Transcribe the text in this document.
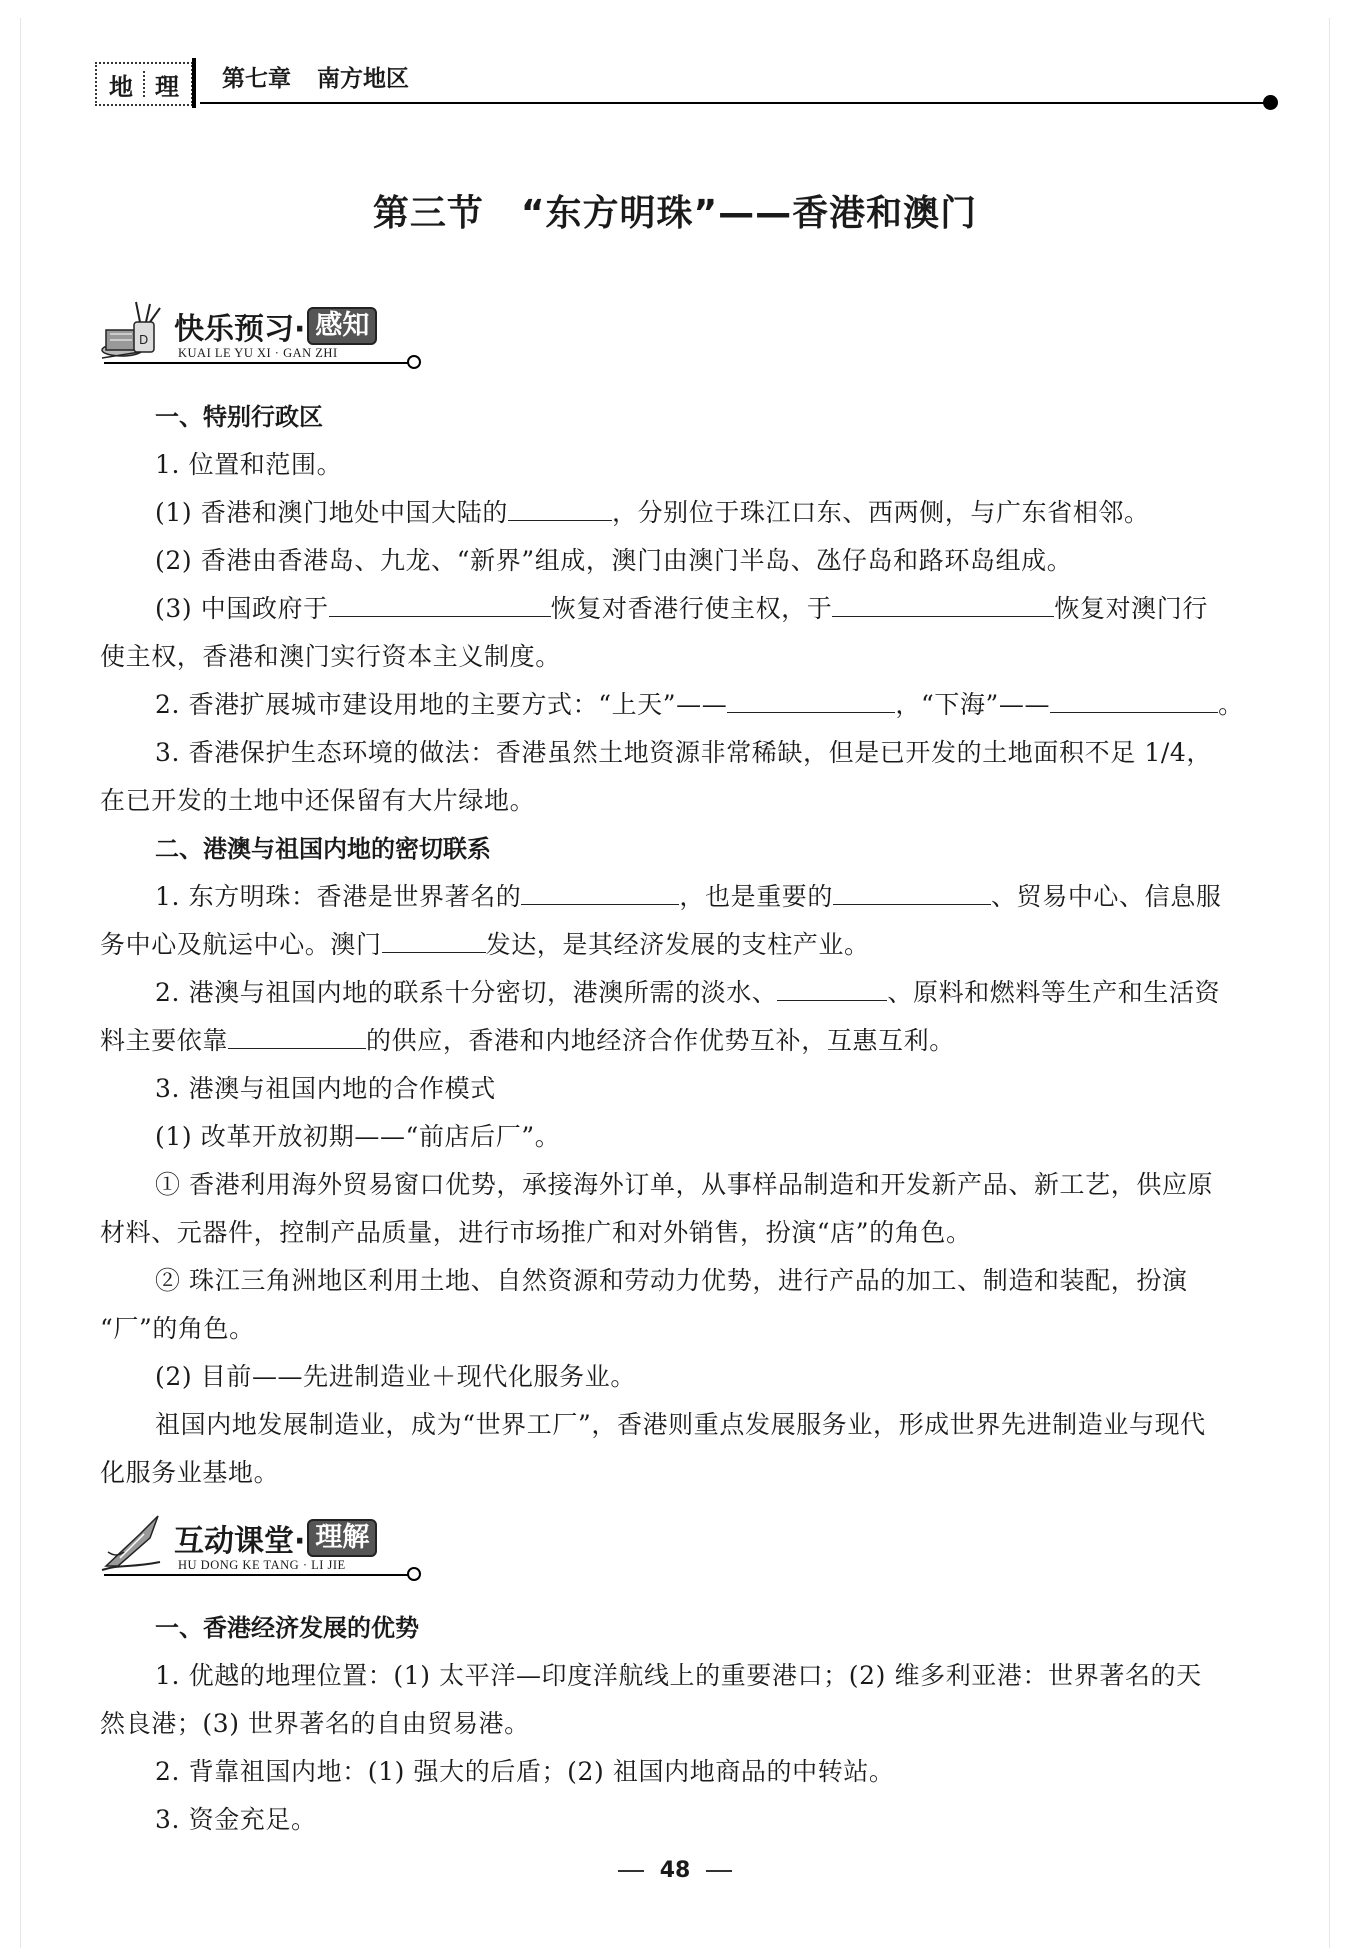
地 理 第七章 南方地区
第三节　“东方明珠”——香港和澳门
D 快乐预习· 感知
KUAI LE YU XI · GAN ZHI
一、特别行政区
1. 位置和范围。
(1) 香港和澳门地处中国大陆的	，分别位于珠江口东、西两侧，与广东省相邻。
(2) 香港由香港岛、九龙、“新界”组成，澳门由澳门半岛、氹仔岛和路环岛组成。
(3) 中国政府于	恢复对香港行使主权，于	恢复对澳门行
使主权，香港和澳门实行资本主义制度。
2. 香港扩展城市建设用地的主要方式：“上天”——	，“下海”——	。
3. 香港保护生态环境的做法：香港虽然土地资源非常稀缺，但是已开发的土地面积不足 1/4，
在已开发的土地中还保留有大片绿地。
二、港澳与祖国内地的密切联系
1. 东方明珠：香港是世界著名的	，也是重要的	、贸易中心、信息服
务中心及航运中心。澳门	发达，是其经济发展的支柱产业。
2. 港澳与祖国内地的联系十分密切，港澳所需的淡水、	、原料和燃料等生产和生活资
料主要依靠	的供应，香港和内地经济合作优势互补，互惠互利。
3. 港澳与祖国内地的合作模式
(1) 改革开放初期——“前店后厂”。
① 香港利用海外贸易窗口优势，承接海外订单，从事样品制造和开发新产品、新工艺，供应原
材料、元器件，控制产品质量，进行市场推广和对外销售，扮演“店”的角色。
② 珠江三角洲地区利用土地、自然资源和劳动力优势，进行产品的加工、制造和装配，扮演
“厂”的角色。
(2) 目前——先进制造业＋现代化服务业。
祖国内地发展制造业，成为“世界工厂”，香港则重点发展服务业，形成世界先进制造业与现代
化服务业基地。
互动课堂· 理解
HU DONG KE TANG · LI JIE
一、香港经济发展的优势
1. 优越的地理位置：(1) 太平洋—印度洋航线上的重要港口；(2) 维多利亚港：世界著名的天
然良港；(3) 世界著名的自由贸易港。
2. 背靠祖国内地：(1) 强大的后盾；(2) 祖国内地商品的中转站。
3. 资金充足。
48
